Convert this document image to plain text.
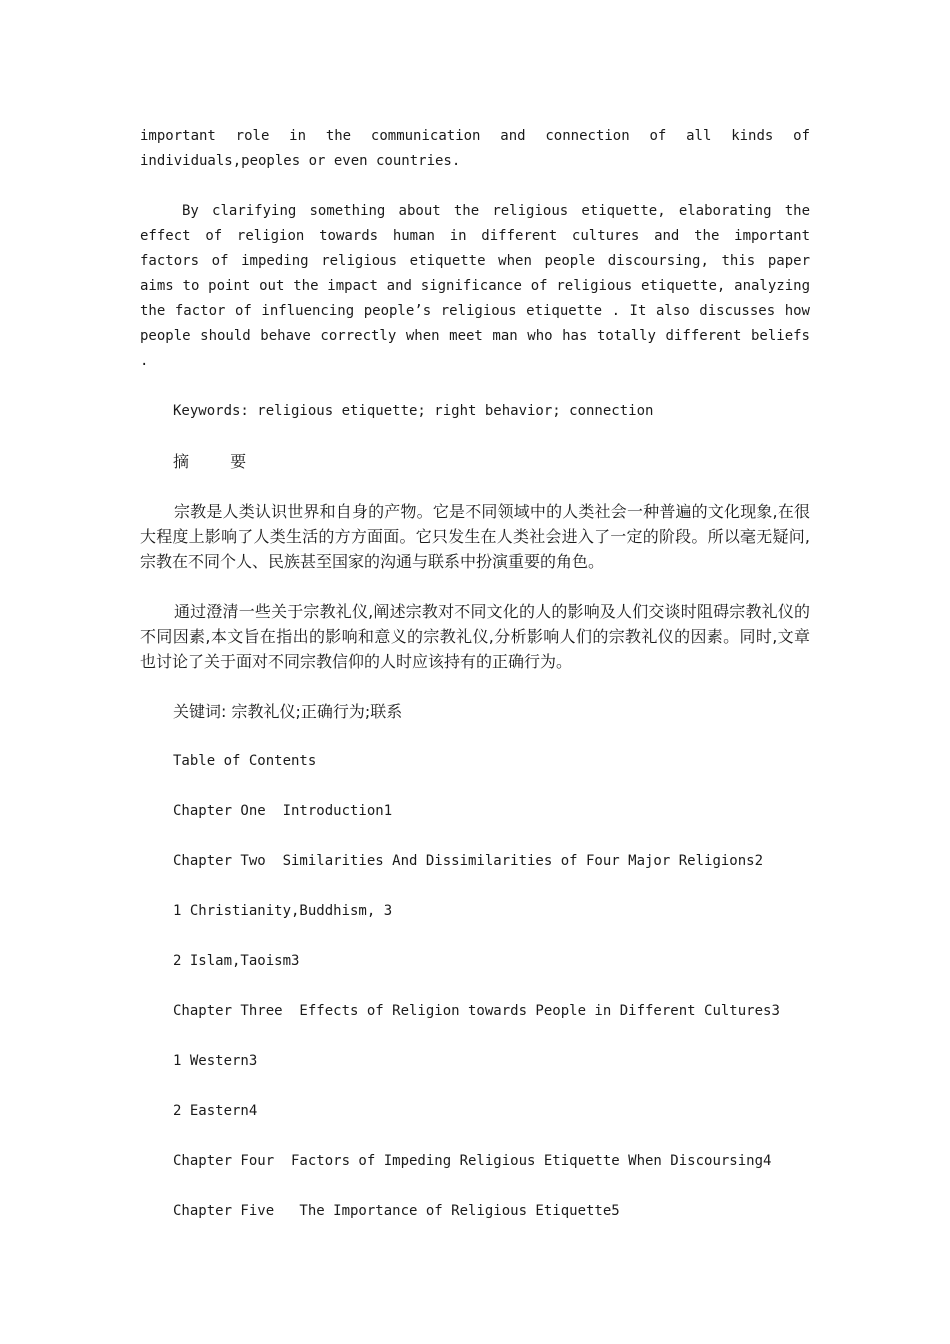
important role in the communication and connection of all kinds of individuals,peoples or even countries.

By clarifying something about the religious etiquette, elaborating the effect of religion towards human in different cultures and the important factors of impeding religious etiquette when people discoursing, this paper aims to point out the impact and significance of religious etiquette, analyzing the factor of influencing people’s religious etiquette . It also discusses how people should behave correctly when meet man who has totally different beliefs .

Keywords: religious etiquette; right behavior; connection

摘 要

宗教是人类认识世界和自身的产物。它是不同领域中的人类社会一种普遍的文化现象,在很大程度上影响了人类生活的方方面面。它只发生在人类社会进入了一定的阶段。所以毫无疑问,宗教在不同个人、民族甚至国家的沟通与联系中扮演重要的角色。

通过澄清一些关于宗教礼仪,阐述宗教对不同文化的人的影响及人们交谈时阻碍宗教礼仪的不同因素,本文旨在指出的影响和意义的宗教礼仪,分析影响人们的宗教礼仪的因素。同时,文章也讨论了关于面对不同宗教信仰的人时应该持有的正确行为。

关键词: 宗教礼仪;正确行为;联系

Table of Contents

Chapter One  Introduction1

Chapter Two  Similarities And Dissimilarities of Four Major Religions2

1 Christianity,Buddhism, 3

2 Islam,Taoism3

Chapter Three  Effects of Religion towards People in Different Cultures3

1 Western3

2 Eastern4

Chapter Four  Factors of Impeding Religious Etiquette When Discoursing4

Chapter Five   The Importance of Religious Etiquette5
